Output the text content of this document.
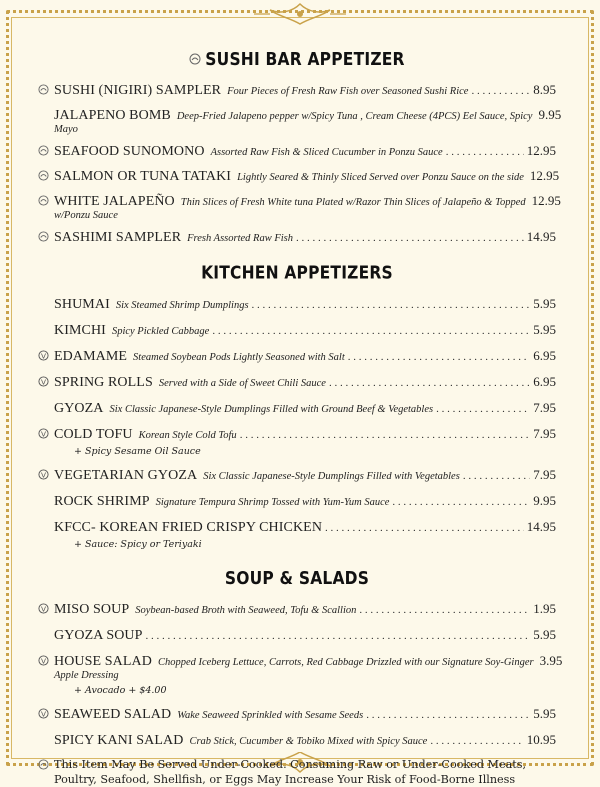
SUSHI BAR APPETIZER
SUSHI (NIGIRI) SAMPLER Four Pieces of Fresh Raw Fish over Seasoned Sushi Rice . . .	8.95
JALAPENO BOMB Deep-Fried Jalapeno pepper w/Spicy Tuna , Cream Cheese (4PCS) Eel Sauce, Spicy 9.95
Mayo
SEAFOOD SUNOMONO Assorted Raw Fish & Sliced Cucumber in Ponzu Sauce . . .	12.95
SALMON OR TUNA TATAKI Lightly Seared & Thinly Sliced Served over Ponzu Sauce on the side 12.95
WHITE JALAPEÑO Thin Slices of Fresh White tuna Plated w/Razor Thin Slices of Jalapeño & Topped 12.95
w/Ponzu Sauce
SASHIMI SAMPLER Fresh Assorted Raw Fish . . .	14.95
KITCHEN APPETIZERS
SHUMAI Six Steamed Shrimp Dumplings . . .	5.95
KIMCHI Spicy Pickled Cabbage . . .	5.95
V EDAMAME Steamed Soybean Pods Lightly Seasoned with Salt . . .	6.95
V SPRING ROLLS Served with a Side of Sweet Chili Sauce . . .	6.95
GYOZA Six Classic Japanese-Style Dumplings Filled with Ground Beef & Vegetables . . .	7.95
V COLD TOFU Korean Style Cold Tofu . . .	7.95
+ Spicy Sesame Oil Sauce
V VEGETARIAN GYOZA Six Classic Japanese-Style Dumplings Filled with Vegetables . . .	7.95
ROCK SHRIMP Signature Tempura Shrimp Tossed with Yum-Yum Sauce . . .	9.95
KFCC- KOREAN FRIED CRISPY CHICKEN . . .	14.95
+ Sauce: Spicy or Teriyaki
SOUP & SALADS
V MISO SOUP Soybean-based Broth with Seaweed, Tofu & Scallion . . .	1.95
GYOZA SOUP . . .	5.95
V HOUSE SALAD Chopped Iceberg Lettuce, Carrots, Red Cabbage Drizzled with our Signature Soy-Ginger 3.95
Apple Dressing
+ Avocado + $4.00
V SEAWEED SALAD Wake Seaweed Sprinkled with Sesame Seeds . . .	5.95
SPICY KANI SALAD Crab Stick, Cucumber & Tobiko Mixed with Spicy Sauce . . .	10.95
This Item May Be Served Under-Cooked. Consuming Raw or Under-Cooked Meats, Poultry, Seafood, Shellfish, or Eggs May Increase Your Risk of Food-Borne Illness
